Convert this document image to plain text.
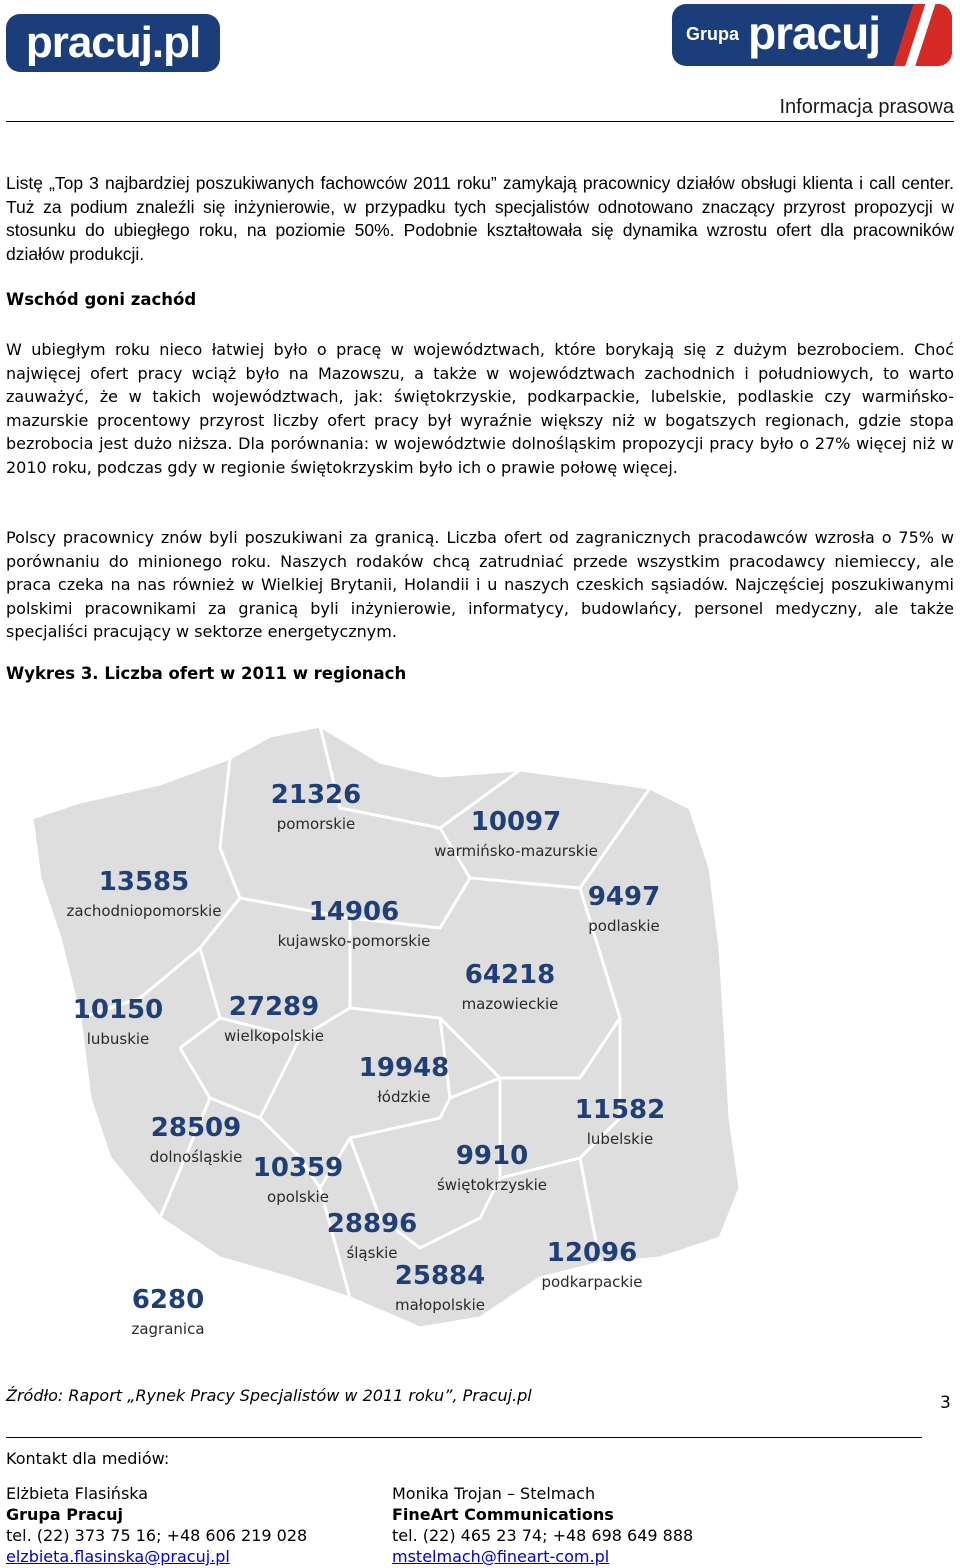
pracuj.pl	Grupa pracuj
Informacja prasowa
Listę „Top 3 najbardziej poszukiwanych fachowców 2011 roku” zamykają pracownicy działów obsługi klienta i call center. Tuż za podium znaleźli się inżynierowie, w przypadku tych specjalistów odnotowano znaczący przyrost propozycji w stosunku do ubiegłego roku, na poziomie 50%. Podobnie kształtowała się dynamika wzrostu ofert dla pracowników działów produkcji.
Wschód goni zachód
W ubiegłym roku nieco łatwiej było o pracę w województwach, które borykają się z dużym bezrobociem. Choć najwięcej ofert pracy wciąż było na Mazowszu, a także w województwach zachodnich i południowych, to warto zauważyć, że w takich województwach, jak: świętokrzyskie, podkarpackie, lubelskie, podlaskie czy warmińsko-mazurskie procentowy przyrost liczby ofert pracy był wyraźnie większy niż w bogatszych regionach, gdzie stopa bezrobocia jest dużo niższa. Dla porównania: w województwie dolnośląskim propozycji pracy było o 27% więcej niż w 2010 roku, podczas gdy w regionie świętokrzyskim było ich o prawie połowę więcej.
Polscy pracownicy znów byli poszukiwani za granicą. Liczba ofert od zagranicznych pracodawców wzrosła o 75% w porównaniu do minionego roku. Naszych rodaków chcą zatrudniać przede wszystkim pracodawcy niemieccy, ale praca czeka na nas również w Wielkiej Brytanii, Holandii i u naszych czeskich sąsiadów. Najczęściej poszukiwanymi polskimi pracownikami za granicą byli inżynierowie, informatycy, budowlańcy, personel medyczny, ale także specjaliści pracujący w sektorze energetycznym.
Wykres 3. Liczba ofert w 2011 w regionach
21326
pomorskie	10097
warmińsko-mazurskie
13585
zachodniopomorskie	14906
kujawsko-pomorskie
9497
podlaskie
64218
mazowieckie
10150
lubuskie
27289
wielkopolskie
19948
łódzkie	11582
lubelskie
28509
dolnośląskie 10359
opolskie
9910
świętokrzyskie
28896
śląskie	12096
podkarpackie
25884
małopolskie
6280
zagranica
Źródło: Raport „Rynek Pracy Specjalistów w 2011 roku”, Pracuj.pl	3
Kontakt dla mediów:
Elżbieta Flasińska
Grupa Pracuj
tel. (22) 373 75 16; +48 606 219 028
elzbieta.flasinska@pracuj.pl
Monika Trojan – Stelmach
FineArt Communications
tel. (22) 465 23 74; +48 698 649 888
mstelmach@fineart-com.pl
